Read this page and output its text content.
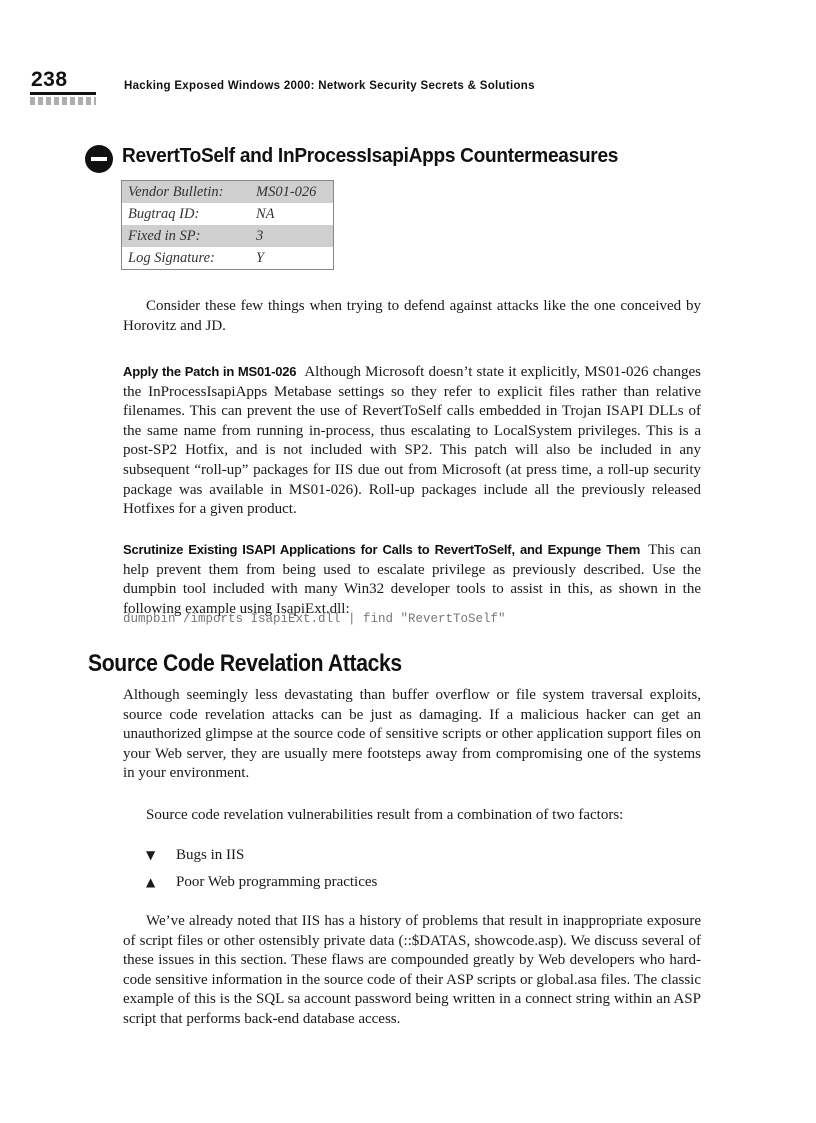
238	Hacking Exposed Windows 2000: Network Security Secrets & Solutions
RevertToSelf and InProcessIsapiApps Countermeasures
Vendor Bulletin:	MS01-026
Bugtraq ID:	NA
Fixed in SP:	3
Log Signature:	Y

Consider these few things when trying to defend against attacks like the one conceived by Horovitz and JD.

Apply the Patch in MS01-026 Although Microsoft doesn’t state it explicitly, MS01-026 changes the InProcessIsapiApps Metabase settings so they refer to explicit files rather than relative filenames. This can prevent the use of RevertToSelf calls embedded in Trojan ISAPI DLLs of the same name from running in-process, thus escalating to LocalSystem privileges. This is a post-SP2 Hotfix, and is not included with SP2. This patch will also be included in any subsequent “roll-up” packages for IIS due out from Microsoft (at press time, a roll-up security package was available in MS01-026). Roll-up packages include all the previously released Hotfixes for a given product.

Scrutinize Existing ISAPI Applications for Calls to RevertToSelf, and Expunge Them This can help prevent them from being used to escalate privilege as previously described. Use the dumpbin tool included with many Win32 developer tools to assist in this, as shown in the following example using IsapiExt.dll:

dumpbin /imports IsapiExt.dll | find "RevertToSelf"
Source Code Revelation Attacks

Although seemingly less devastating than buffer overflow or file system traversal exploits, source code revelation attacks can be just as damaging. If a malicious hacker can get an unauthorized glimpse at the source code of sensitive scripts or other application support files on your Web server, they are usually mere footsteps away from compromising one of the systems in your environment.

Source code revelation vulnerabilities result from a combination of two factors:

▼ Bugs in IIS
▲ Poor Web programming practices

We’ve already noted that IIS has a history of problems that result in inappropriate exposure of script files or other ostensibly private data (::$DATAS, showcode.asp). We discuss several of these issues in this section. These flaws are compounded greatly by Web developers who hard-code sensitive information in the source code of their ASP scripts or global.asa files. The classic example of this is the SQL sa account password being written in a connect string within an ASP script that performs back-end database access.
